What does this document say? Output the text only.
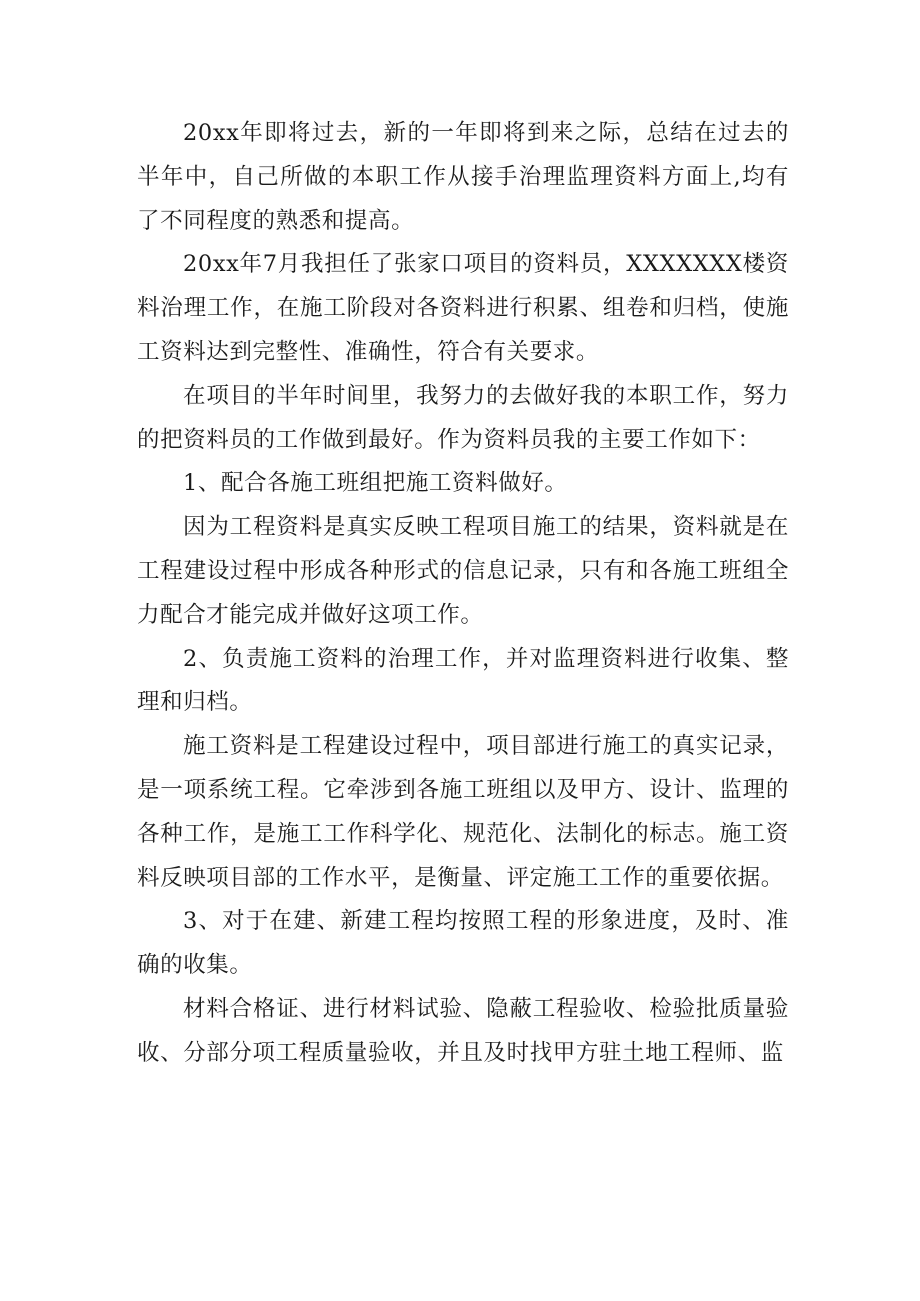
20xx年即将过去，新的一年即将到来之际，总结在过去的半年中，自己所做的本职工作从接手治理监理资料方面上,均有了不同程度的熟悉和提高。

20xx年7月我担任了张家口项目的资料员，XXXXXXX楼资料治理工作，在施工阶段对各资料进行积累、组卷和归档，使施工资料达到完整性、准确性，符合有关要求。

在项目的半年时间里，我努力的去做好我的本职工作，努力的把资料员的工作做到最好。作为资料员我的主要工作如下：

1、配合各施工班组把施工资料做好。

因为工程资料是真实反映工程项目施工的结果，资料就是在工程建设过程中形成各种形式的信息记录，只有和各施工班组全力配合才能完成并做好这项工作。

2、负责施工资料的治理工作，并对监理资料进行收集、整理和归档。

施工资料是工程建设过程中，项目部进行施工的真实记录，是一项系统工程。它牵涉到各施工班组以及甲方、设计、监理的各种工作，是施工工作科学化、规范化、法制化的标志。施工资料反映项目部的工作水平，是衡量、评定施工工作的重要依据。

3、对于在建、新建工程均按照工程的形象进度，及时、准确的收集。

材料合格证、进行材料试验、隐蔽工程验收、检验批质量验收、分部分项工程质量验收，并且及时找甲方驻土地工程师、监
